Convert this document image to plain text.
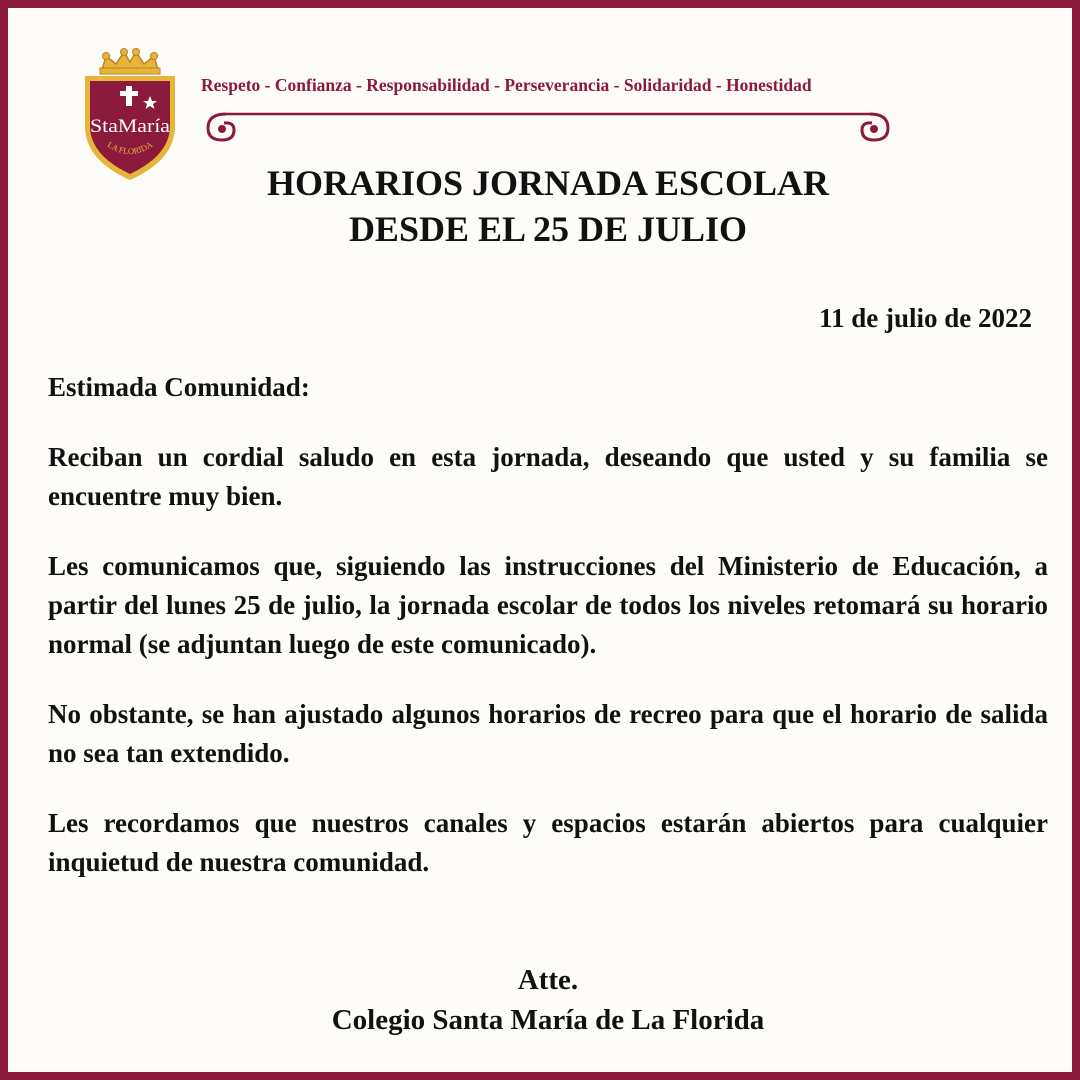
StaMaría
LA FLORIDA
Respeto - Confianza - Responsabilidad - Perseverancia - Solidaridad - Honestidad
HORARIOS JORNADA ESCOLAR
DESDE EL 25 DE JULIO
11 de julio de 2022

Estimada Comunidad:

Reciban un cordial saludo en esta jornada, deseando que usted y su familia se encuentre muy bien.

Les comunicamos que, siguiendo las instrucciones del Ministerio de Educación, a partir del lunes 25 de julio, la jornada escolar de todos los niveles retomará su horario normal (se adjuntan luego de este comunicado).

No obstante, se han ajustado algunos horarios de recreo para que el horario de salida no sea tan extendido.

Les recordamos que nuestros canales y espacios estarán abiertos para cualquier inquietud de nuestra comunidad.

Atte.
Colegio Santa María de La Florida
